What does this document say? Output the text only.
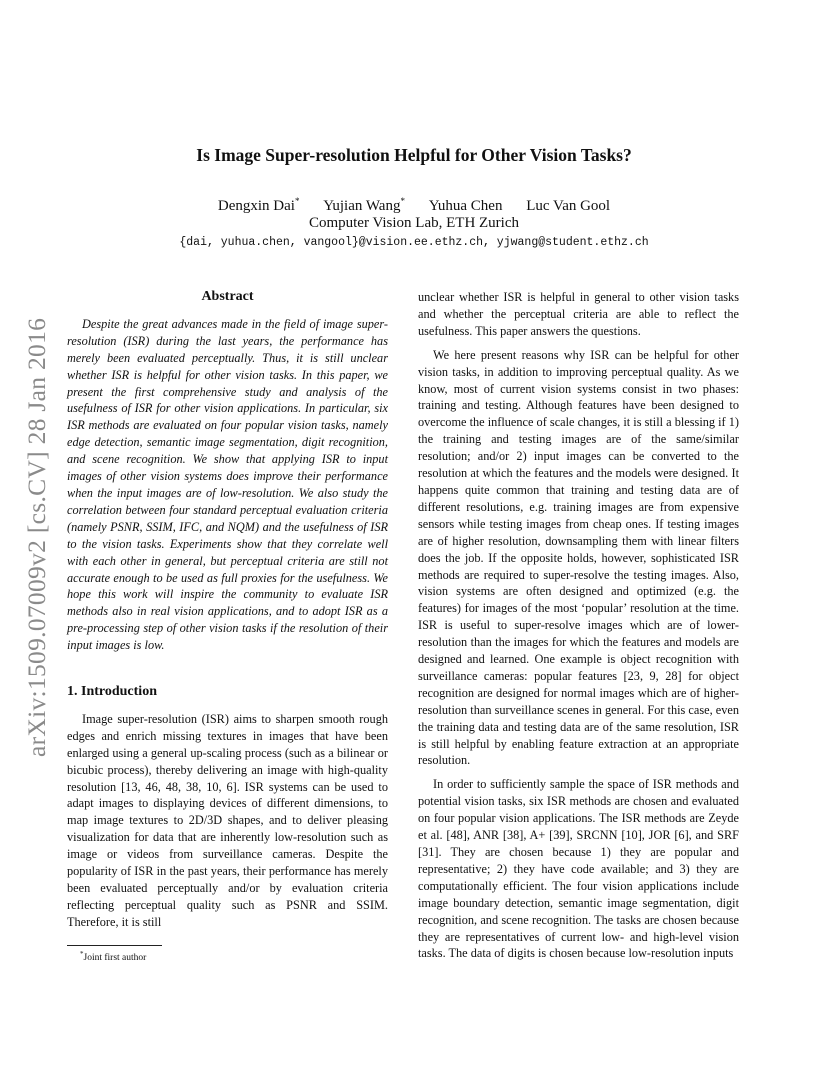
arXiv:1509.07009v2 [cs.CV] 28 Jan 2016
Is Image Super-resolution Helpful for Other Vision Tasks?
Dengxin Dai* Yujian Wang* Yuhua Chen Luc Van Gool
Computer Vision Lab, ETH Zurich
{dai, yuhua.chen, vangool}@vision.ee.ethz.ch, yjwang@student.ethz.ch
Abstract

Despite the great advances made in the field of image super-resolution (ISR) during the last years, the performance has merely been evaluated perceptually. Thus, it is still unclear whether ISR is helpful for other vision tasks. In this paper, we present the first comprehensive study and analysis of the usefulness of ISR for other vision applications. In particular, six ISR methods are evaluated on four popular vision tasks, namely edge detection, semantic image segmentation, digit recognition, and scene recognition. We show that applying ISR to input images of other vision systems does improve their performance when the input images are of low-resolution. We also study the correlation between four standard perceptual evaluation criteria (namely PSNR, SSIM, IFC, and NQM) and the usefulness of ISR to the vision tasks. Experiments show that they correlate well with each other in general, but perceptual criteria are still not accurate enough to be used as full proxies for the usefulness. We hope this work will inspire the community to evaluate ISR methods also in real vision applications, and to adopt ISR as a pre-processing step of other vision tasks if the resolution of their input images is low.

1. Introduction

Image super-resolution (ISR) aims to sharpen smooth rough edges and enrich missing textures in images that have been enlarged using a general up-scaling process (such as a bilinear or bicubic process), thereby delivering an image with high-quality resolution [13, 46, 48, 38, 10, 6]. ISR systems can be used to adapt images to displaying devices of different dimensions, to map image textures to 2D/3D shapes, and to deliver pleasing visualization for data that are inherently low-resolution such as image or videos from surveillance cameras. Despite the popularity of ISR in the past years, their performance has merely been evaluated perceptually and/or by evaluation criteria reflecting perceptual quality such as PSNR and SSIM. Therefore, it is still

unclear whether ISR is helpful in general to other vision tasks and whether the perceptual criteria are able to reflect the usefulness. This paper answers the questions.

We here present reasons why ISR can be helpful for other vision tasks, in addition to improving perceptual quality. As we know, most of current vision systems consist in two phases: training and testing. Although features have been designed to overcome the influence of scale changes, it is still a blessing if 1) the training and testing images are of the same/similar resolution; and/or 2) input images can be converted to the resolution at which the features and the models were designed. It happens quite common that training and testing data are of different resolutions, e.g. training images are from expensive sensors while testing images from cheap ones. If testing images are of higher resolution, downsampling them with linear filters does the job. If the opposite holds, however, sophisticated ISR methods are required to super-resolve the testing images. Also, vision systems are often designed and optimized (e.g. the features) for images of the most ‘popular’ resolution at the time. ISR is useful to super-resolve images which are of lower-resolution than the images for which the features and models are designed and learned. One example is object recognition with surveillance cameras: popular features [23, 9, 28] for object recognition are designed for normal images which are of higher-resolution than surveillance scenes in general. For this case, even the training data and testing data are of the same resolution, ISR is still helpful by enabling feature extraction at an appropriate resolution.

In order to sufficiently sample the space of ISR methods and potential vision tasks, six ISR methods are chosen and evaluated on four popular vision applications. The ISR methods are Zeyde et al. [48], ANR [38], A+ [39], SRCNN [10], JOR [6], and SRF [31]. They are chosen because 1) they are popular and representative; 2) they have code available; and 3) they are computationally efficient. The four vision applications include image boundary detection, semantic image segmentation, digit recognition, and scene recognition. The tasks are chosen because they are representatives of current low- and high-level vision tasks. The data of digits is chosen because low-resolution inputs

*Joint first author
